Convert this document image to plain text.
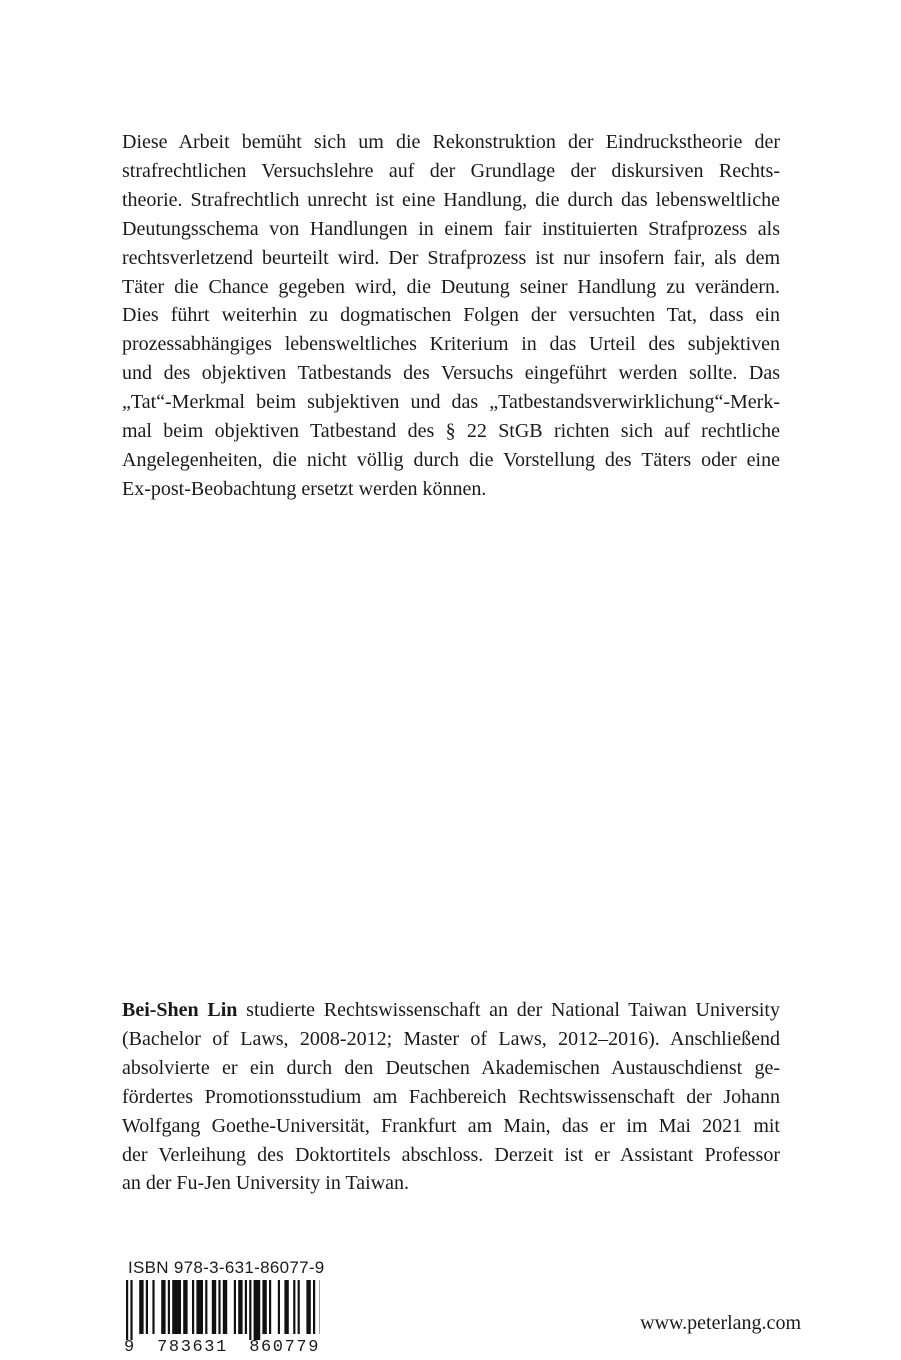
Diese Arbeit bemüht sich um die Rekonstruktion der Eindruckstheorie der
strafrechtlichen Versuchslehre auf der Grundlage der diskursiven Rechts-
theorie. Strafrechtlich unrecht ist eine Handlung, die durch das lebensweltliche
Deutungsschema von Handlungen in einem fair instituierten Strafprozess als
rechtsverletzend beurteilt wird. Der Strafprozess ist nur insofern fair, als dem
Täter die Chance gegeben wird, die Deutung seiner Handlung zu verändern.
Dies führt weiterhin zu dogmatischen Folgen der versuchten Tat, dass ein
prozessabhängiges lebensweltliches Kriterium in das Urteil des subjektiven
und des objektiven Tatbestands des Versuchs eingeführt werden sollte. Das
„Tat“-Merkmal beim subjektiven und das „Tatbestandsverwirklichung“-Merk-
mal beim objektiven Tatbestand des § 22 StGB richten sich auf rechtliche
Angelegenheiten, die nicht völlig durch die Vorstellung des Täters oder eine
Ex-post-Beobachtung ersetzt werden können.

Bei-Shen Lin studierte Rechtswissenschaft an der National Taiwan University
(Bachelor of Laws, 2008-2012; Master of Laws, 2012–2016). Anschließend
absolvierte er ein durch den Deutschen Akademischen Austauschdienst ge-
fördertes Promotionsstudium am Fachbereich Rechtswissenschaft der Johann
Wolfgang Goethe-Universität, Frankfurt am Main, das er im Mai 2021 mit
der Verleihung des Doktortitels abschloss. Derzeit ist er Assistant Professor
an der Fu-Jen University in Taiwan.

ISBN 978-3-631-86077-9
9 783631 860779
www.peterlang.com
